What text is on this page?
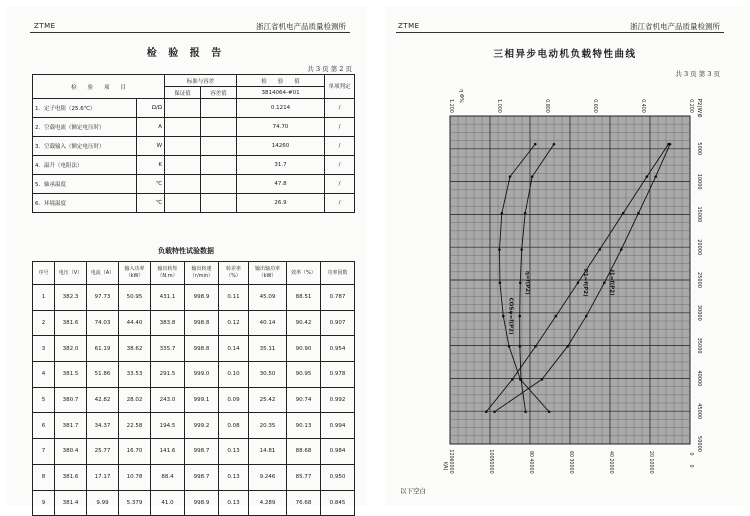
ZTME	浙江省机电产品质量检测所
检 验 报 告
共 3 页 第 2 页
检　　验　　项　　目		标准与容差		检　　验　　值	单项判定
		保证值	容差值	3814064-#01	
1．定子电阻（25.6℃）	Ω/Ω			0.1214	/
2．空载电流（额定电压时）	A			74.70	/
3．空载输入（额定电压时）	W			14260	/
4．温升（电阻法）	K			31.7	/
5．轴承温度	℃			47.8	/
6．环境温度	℃			26.9	/
负载特性试验数据
序号	电压（V）	电流（A）	输入功率（kW）	输出转矩（N.m）	输出转速（r/min）	转差率（%）	输出轴功率（kW）	效率（%）	功率因数
1	382.3	97.73	50.95	431.1	998.9	0.11	45.09	88.51	0.787
2	381.6	74.03	44.40	383.8	998.8	0.12	40.14	90.42	0.907
3	382.0	61.19	38.62	335.7	998.8	0.14	35.11	90.90	0.954
4	381.5	51.86	33.53	291.5	999.0	0.10	30.50	90.95	0.978
5	380.7	42.82	28.02	243.0	999.1	0.09	25.42	90.74	0.992
6	381.7	34.37	22.58	194.5	999.2	0.08	20.35	90.13	0.994
7	380.4	25.77	16.70	141.6	998.7	0.13	14.81	88.68	0.984
8	381.6	17.17	10.78	88.4	998.7	0.13	9.246	85.77	0.950
9	381.4	9.99	5.379	41.0	998.9	0.13	4.289	76.68	0.845
ZTME	浙江省机电产品质量检测所
三相异步电动机负载特性曲线
共 3 页 第 3 页
0
5000
10000
15000
20000
25000
30000
35000
40000
45000
50000
P2(W)
0
20
40
60
80
100
120
0
10000
20000
30000
40000
50000
60000
0.200
0.400
0.600
0.800
1.000
1.200
I(A)
η Φ%
COSφ=f(P2)
η=f(P2)	P1=f(P2)	I1=f(P2)
以下空白
